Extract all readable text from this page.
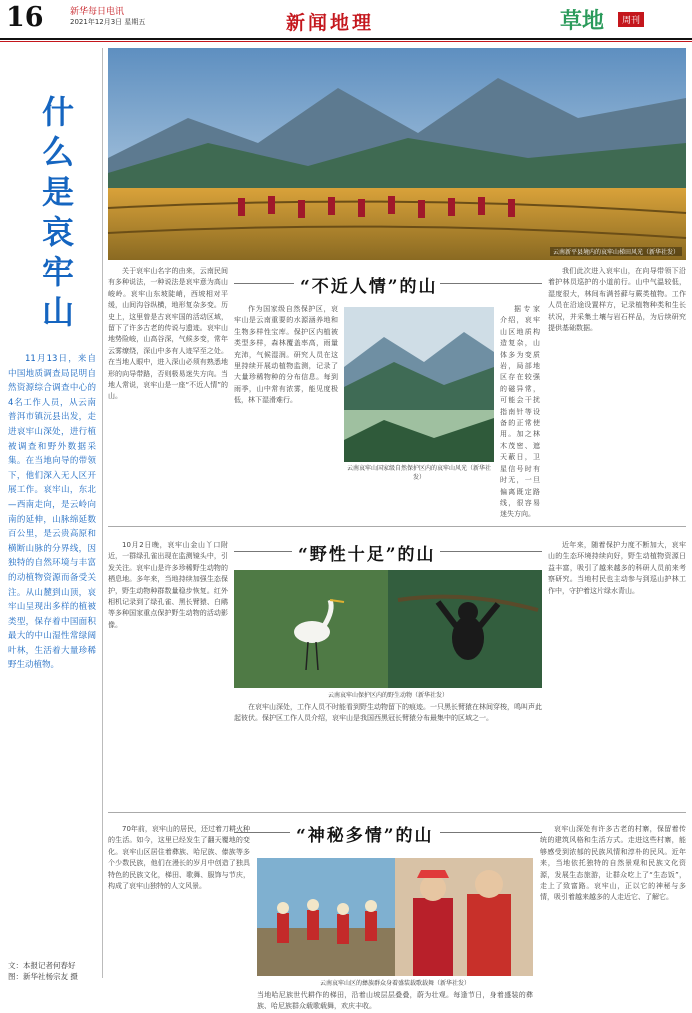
16	新华每日电讯
2021年12月3日 星期五	新闻地理	草地	周刊
什么是哀牢山
11月13日，来自中国地质调查局昆明自然资源综合调查中心的4名工作人员，从云南普洱市镇沅县出发，走进哀牢山深处，进行植被调查和野外数据采集。在当地向导的带领下，他们深入无人区开展工作。哀牢山，东北—西南走向，是云岭向南的延伸，山脉绵延数百公里，是云贵高原和横断山脉的分界线，因独特的自然环境与丰富的动植物资源而备受关注。从山麓到山顶，哀牢山呈现出多样的植被类型，保存着中国面积最大的中山湿性常绿阔叶林，生活着大量珍稀野生动植物。
文：本报记者何春好
图：新华社杨宗友 摄
云南新平县境内的哀牢山梯田风光（新华社发）
“不近人情”的山
关于哀牢山名字的由来，云南民间有多种说法，一种说法是哀牢意为高山峻岭。哀牢山东坡陡峭，西坡相对平缓，山间沟谷纵横，地形复杂多变。历史上，这里曾是古哀牢国的活动区域，留下了许多古老的传说与遗迹。哀牢山地势险峻，山高谷深，气候多变，常年云雾缭绕，深山中多有人迹罕至之处。在当地人眼中，进入深山必须有熟悉地形的向导带路，否则极易迷失方向。当地人常说，哀牢山是一座“不近人情”的山。
作为国家级自然保护区，哀牢山是云南重要的水源涵养地和生物多样性宝库。保护区内植被类型多样，森林覆盖率高，雨量充沛，气候湿润。研究人员在这里持续开展动植物监测，记录了大量珍稀物种的分布信息。每到雨季，山中常有浓雾，能见度极低，林下湿滑难行。
据专家介绍，哀牢山区地质构造复杂，山体多为变质岩，局部地区存在较强的磁异常，可能会干扰指南针等设备的正常使用。加之林木茂密、遮天蔽日，卫星信号时有时无，一旦偏离既定路线，很容易迷失方向。
我们此次进入哀牢山，在向导带领下沿着护林员巡护的小道前行。山中气温较低，湿度很大，林间布满苔藓与蕨类植物。工作人员在沿途设置样方，记录植物种类和生长状况，并采集土壤与岩石样品，为后续研究提供基础数据。
云南哀牢山国家级自然保护区内的哀牢山风光（新华社发）
“野性十足”的山
10月2日晚，哀牢山金山丫口附近，一群绿孔雀出现在监测镜头中，引发关注。哀牢山是许多珍稀野生动物的栖息地。多年来，当地持续加强生态保护，野生动物种群数量稳步恢复。红外相机记录到了绿孔雀、黑长臂猿、白鹇等多种国家重点保护野生动物的活动影像。
在哀牢山深处，工作人员不时能看到野生动物留下的痕迹。一只黑长臂猿在林间穿梭，鸣叫声此起彼伏。保护区工作人员介绍，哀牢山是我国西黑冠长臂猿分布最集中的区域之一。
近年来，随着保护力度不断加大，哀牢山的生态环境持续向好，野生动植物资源日益丰富，吸引了越来越多的科研人员前来考察研究。当地村民也主动参与到巡山护林工作中，守护着这片绿水青山。
云南哀牢山保护区内的野生动物（新华社发）
“神秘多情”的山
70年前，哀牢山的居民，还过着刀耕火种的生活。如今，这里已经发生了翻天覆地的变化。哀牢山区居住着彝族、哈尼族、傣族等多个少数民族，他们在漫长的岁月中创造了独具特色的民族文化，梯田、歌舞、服饰与节庆，构成了哀牢山独特的人文风景。
哀牢山深处有许多古老的村寨，保留着传统的建筑风格和生活方式。走进这些村寨，能够感受到浓郁的民族风情和淳朴的民风。近年来，当地依托独特的自然景观和民族文化资源，发展生态旅游，让群众吃上了“生态饭”，走上了致富路。哀牢山，正以它的神秘与多情，吸引着越来越多的人走近它、了解它。
云南哀牢山区的彝族群众身着盛装载歌载舞（新华社发）
当地哈尼族世代耕作的梯田，沿着山坡层层叠叠，蔚为壮观。每逢节日，身着盛装的彝族、哈尼族群众载歌载舞，欢庆丰收。
